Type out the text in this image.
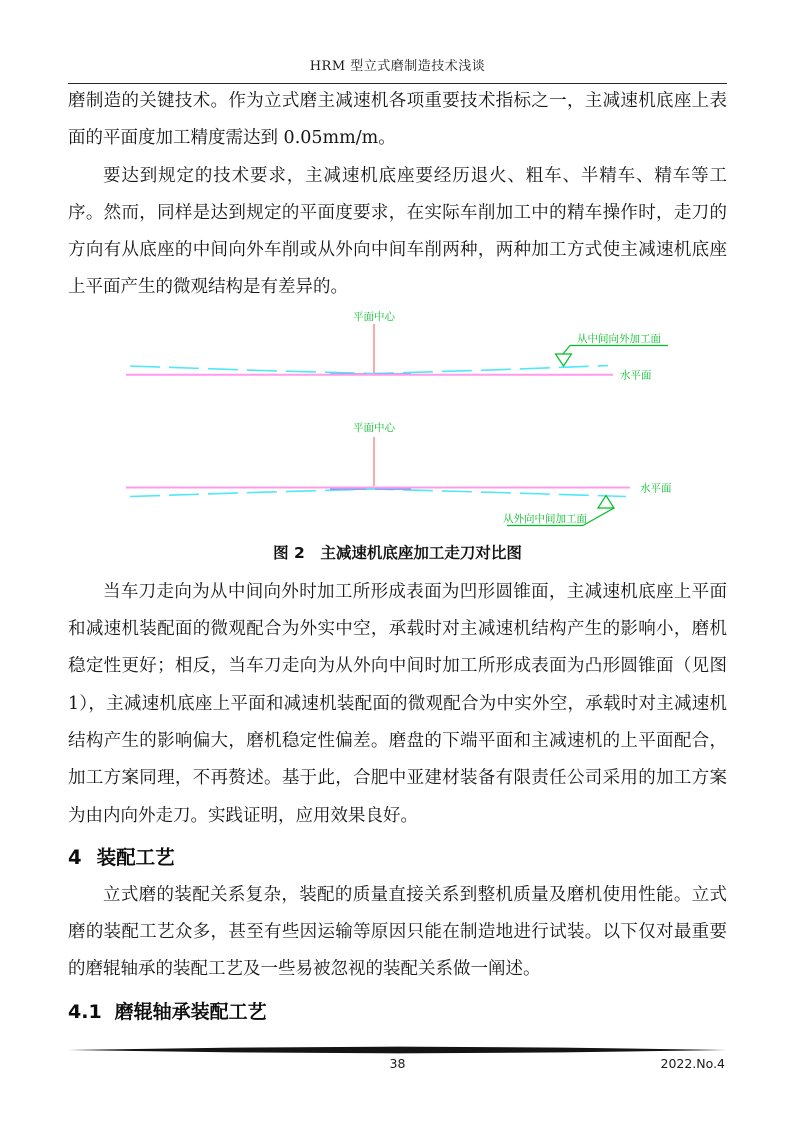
HRM 型立式磨制造技术浅谈

磨制造的关键技术。作为立式磨主减速机各项重要技术指标之一，主减速机底座上表面的平面度加工精度需达到 0.05mm/m。

要达到规定的技术要求，主减速机底座要经历退火、粗车、半精车、精车等工序。然而，同样是达到规定的平面度要求，在实际车削加工中的精车操作时，走刀的方向有从底座的中间向外车削或从外向中间车削两种，两种加工方式使主减速机底座上平面产生的微观结构是有差异的。

平面中心
水平面
从中间向外加工面
平面中心
水平面
从外向中间加工面
图 2　主减速机底座加工走刀对比图

当车刀走向为从中间向外时加工所形成表面为凹形圆锥面，主减速机底座上平面和减速机装配面的微观配合为外实中空，承载时对主减速机结构产生的影响小，磨机稳定性更好；相反，当车刀走向为从外向中间时加工所形成表面为凸形圆锥面（见图 1），主减速机底座上平面和减速机装配面的微观配合为中实外空，承载时对主减速机结构产生的影响偏大，磨机稳定性偏差。磨盘的下端平面和主减速机的上平面配合，加工方案同理，不再赘述。基于此，合肥中亚建材装备有限责任公司采用的加工方案为由内向外走刀。实践证明，应用效果良好。

4 装配工艺

立式磨的装配关系复杂，装配的质量直接关系到整机质量及磨机使用性能。立式磨的装配工艺众多，甚至有些因运输等原因只能在制造地进行试装。以下仅对最重要的磨辊轴承的装配工艺及一些易被忽视的装配关系做一阐述。

4.1 磨辊轴承装配工艺
38	2022.No.4
